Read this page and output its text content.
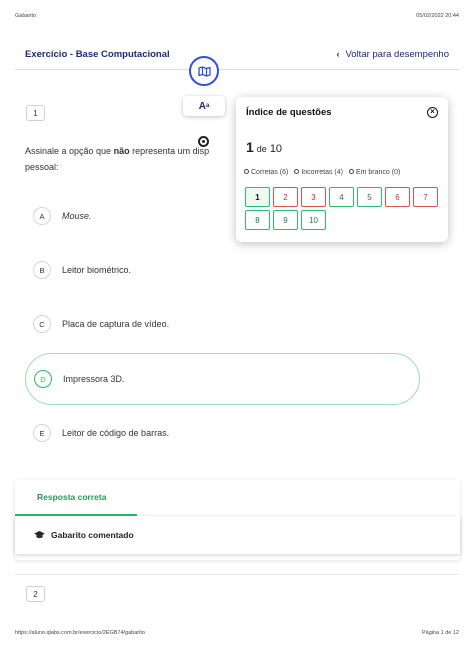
Gabarito	05/02/2022 20:44
Exercício - Base Computacional	‹ Voltar para desempenho
A a
1
Assinale a opção que não representa um disp
pessoal:
A	Mouse.
B	Leitor biométrico.
C	Placa de captura de vídeo.
D	Impressora 3D.
E	Leitor de código de barras.
Índice de questões	×
1 de 10
Corretas (6)	Incorretas (4)	Em branco (0)
1	2	3	4	5	6	7
8	9	10
Resposta correta
Gabarito comentado
2
https://aluno.qlabs.com.br/exercicio/2EGB74/gabarito	Página 1 de 12
